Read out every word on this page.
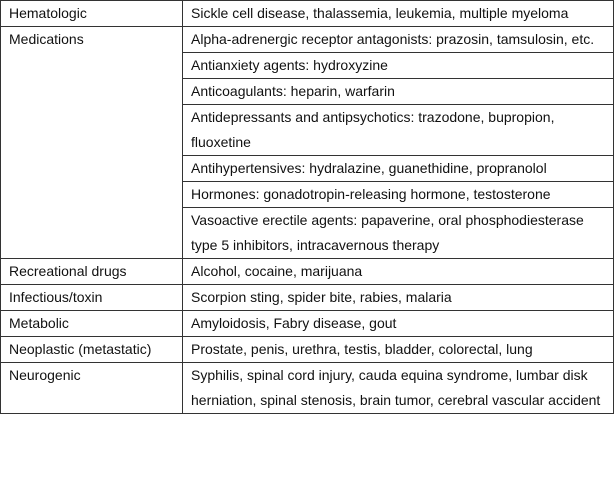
Hematologic	Sickle cell disease, thalassemia, leukemia, multiple myeloma
Medications	Alpha-adrenergic receptor antagonists: prazosin, tamsulosin, etc.
	Antianxiety agents: hydroxyzine
	Anticoagulants: heparin, warfarin
	Antidepressants and antipsychotics: trazodone, bupropion, fluoxetine
	Antihypertensives: hydralazine, guanethidine, propranolol
	Hormones: gonadotropin-releasing hormone, testosterone
	Vasoactive erectile agents: papaverine, oral phosphodiesterase type 5 inhibitors, intracavernous therapy
Recreational drugs	Alcohol, cocaine, marijuana
Infectious/toxin	Scorpion sting, spider bite, rabies, malaria
Metabolic	Amyloidosis, Fabry disease, gout
Neoplastic (metastatic)	Prostate, penis, urethra, testis, bladder, colorectal, lung
Neurogenic	Syphilis, spinal cord injury, cauda equina syndrome, lumbar disk herniation, spinal stenosis, brain tumor, cerebral vascular accident
